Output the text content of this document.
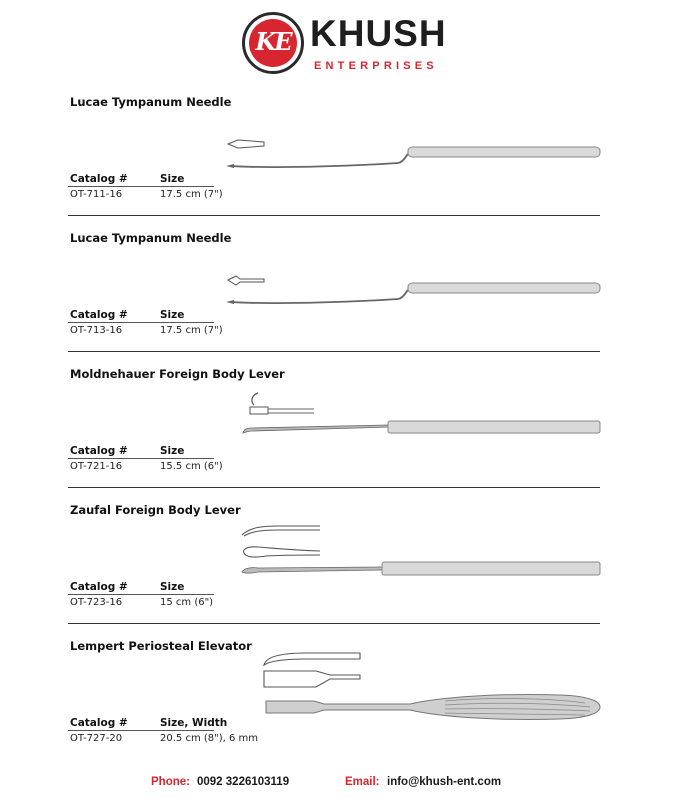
KE KHUSH
ENTERPRISES
Lucae Tympanum Needle
Catalog #	Size
OT-711-16	17.5 cm (7")
Lucae Tympanum Needle
Catalog #	Size
OT-713-16	17.5 cm (7")
Moldnehauer Foreign Body Lever
Catalog #	Size
OT-721-16	15.5 cm (6")
Zaufal Foreign Body Lever
Catalog #	Size
OT-723-16	15 cm (6")
Lempert Periosteal Elevator
Catalog #	Size, Width
OT-727-20	20.5 cm (8"), 6 mm
Phone: 0092 3226103119	Email: info@khush-ent.com
